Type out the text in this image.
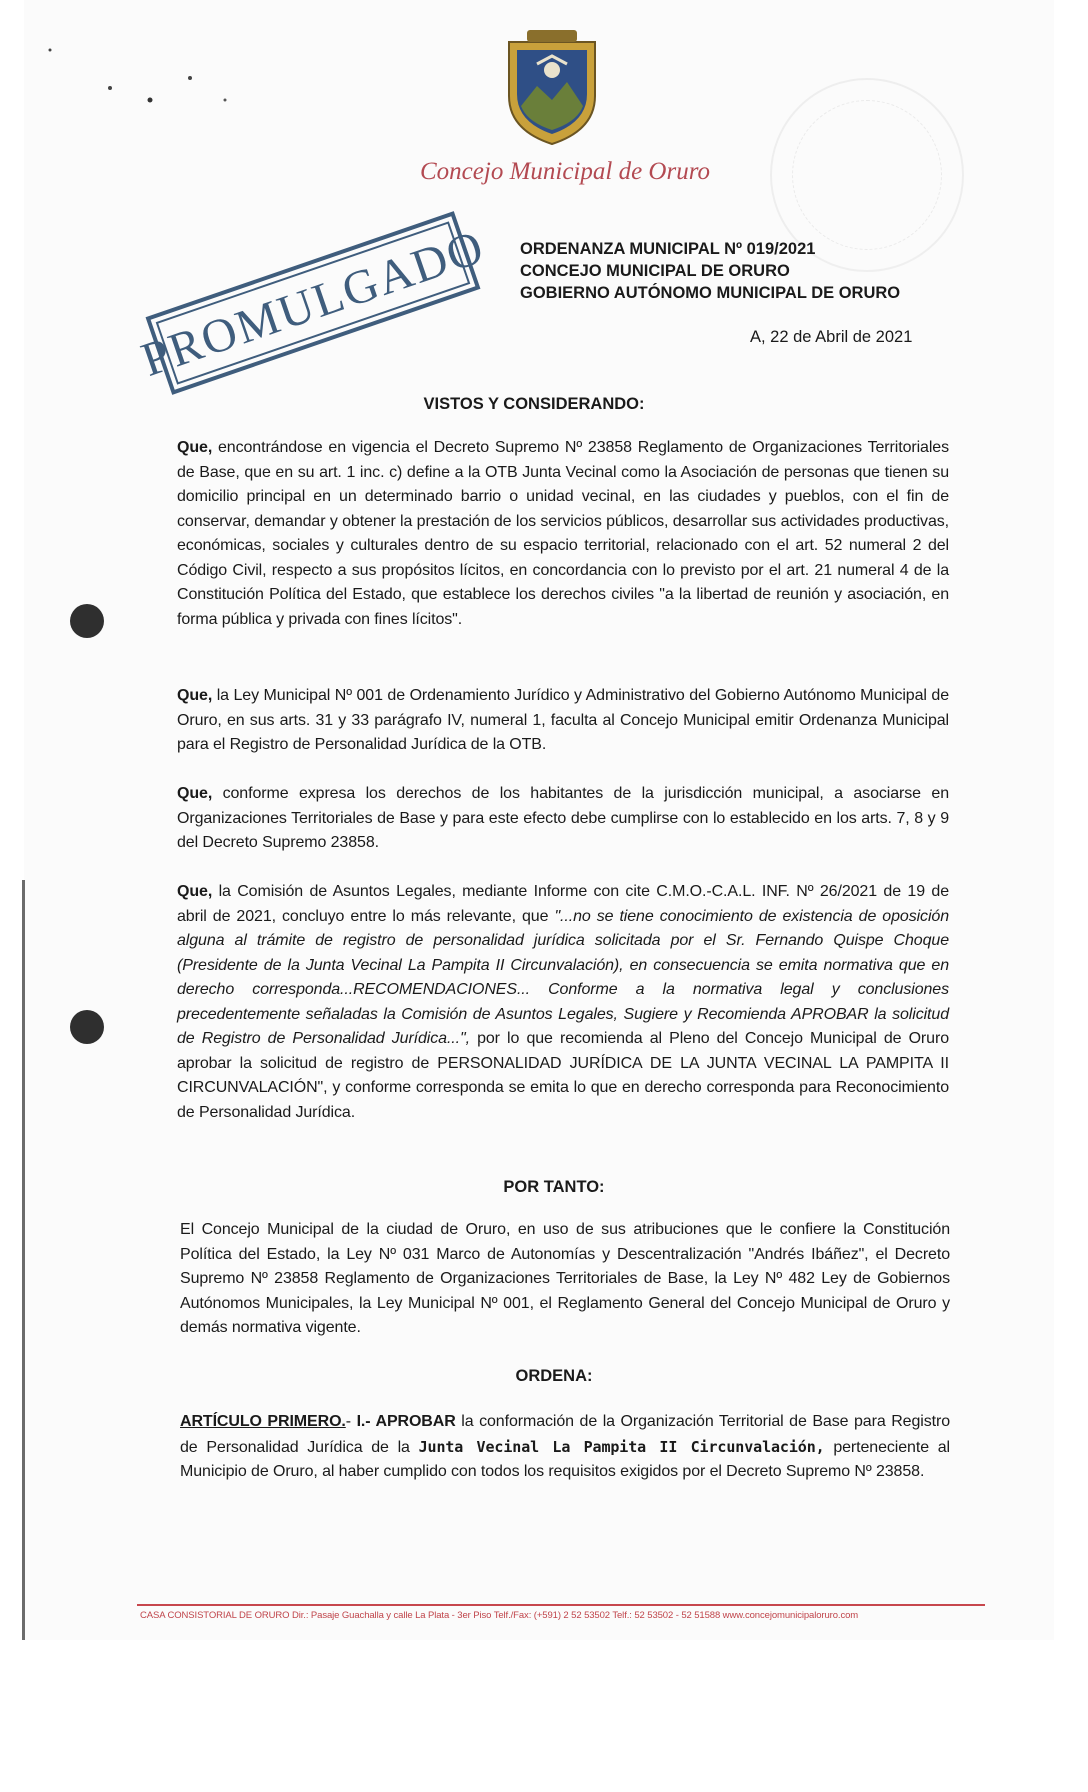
Concejo Municipal de Oruro
PROMULGADO ORDENANZA MUNICIPAL Nº 019/2021
CONCEJO MUNICIPAL DE ORURO
GOBIERNO AUTÓNOMO MUNICIPAL DE ORURO
A, 22 de Abril de 2021
VISTOS Y CONSIDERANDO:
Que, encontrándose en vigencia el Decreto Supremo Nº 23858 Reglamento de Organizaciones Territoriales de Base, que en su art. 1 inc. c) define a la OTB Junta Vecinal como la Asociación de personas que tienen su domicilio principal en un determinado barrio o unidad vecinal, en las ciudades y pueblos, con el fin de conservar, demandar y obtener la prestación de los servicios públicos, desarrollar sus actividades productivas, económicas, sociales y culturales dentro de su espacio territorial, relacionado con el art. 52 numeral 2 del Código Civil, respecto a sus propósitos lícitos, en concordancia con lo previsto por el art. 21 numeral 4 de la Constitución Política del Estado, que establece los derechos civiles "a la libertad de reunión y asociación, en forma pública y privada con fines lícitos".
Que, la Ley Municipal Nº 001 de Ordenamiento Jurídico y Administrativo del Gobierno Autónomo Municipal de Oruro, en sus arts. 31 y 33 parágrafo IV, numeral 1, faculta al Concejo Municipal emitir Ordenanza Municipal para el Registro de Personalidad Jurídica de la OTB.
Que, conforme expresa los derechos de los habitantes de la jurisdicción municipal, a asociarse en Organizaciones Territoriales de Base y para este efecto debe cumplirse con lo establecido en los arts. 7, 8 y 9 del Decreto Supremo 23858.
Que, la Comisión de Asuntos Legales, mediante Informe con cite C.M.O.-C.A.L. INF. Nº 26/2021 de 19 de abril de 2021, concluyo entre lo más relevante, que "...no se tiene conocimiento de existencia de oposición alguna al trámite de registro de personalidad jurídica solicitada por el Sr. Fernando Quispe Choque (Presidente de la Junta Vecinal La Pampita II Circunvalación), en consecuencia se emita normativa que en derecho corresponda...RECOMENDACIONES... Conforme a la normativa legal y conclusiones precedentemente señaladas la Comisión de Asuntos Legales, Sugiere y Recomienda APROBAR la solicitud de Registro de Personalidad Jurídica...", por lo que recomienda al Pleno del Concejo Municipal de Oruro aprobar la solicitud de registro de PERSONALIDAD JURÍDICA DE LA JUNTA VECINAL LA PAMPITA II CIRCUNVALACIÓN", y conforme corresponda se emita lo que en derecho corresponda para Reconocimiento de Personalidad Jurídica.
POR TANTO:
El Concejo Municipal de la ciudad de Oruro, en uso de sus atribuciones que le confiere la Constitución Política del Estado, la Ley Nº 031 Marco de Autonomías y Descentralización "Andrés Ibáñez", el Decreto Supremo Nº 23858 Reglamento de Organizaciones Territoriales de Base, la Ley Nº 482 Ley de Gobiernos Autónomos Municipales, la Ley Municipal Nº 001, el Reglamento General del Concejo Municipal de Oruro y demás normativa vigente.
ORDENA:
ARTÍCULO PRIMERO.- I.- APROBAR la conformación de la Organización Territorial de Base para Registro de Personalidad Jurídica de la Junta Vecinal La Pampita II Circunvalación, perteneciente al Municipio de Oruro, al haber cumplido con todos los requisitos exigidos por el Decreto Supremo Nº 23858.
CASA CONSISTORIAL DE ORURO Dir.: Pasaje Guachalla y calle La Plata - 3er Piso Telf./Fax: (+591) 2 52 53502 Telf.: 52 53502 - 52 51588 www.concejomunicipaloruro.com
